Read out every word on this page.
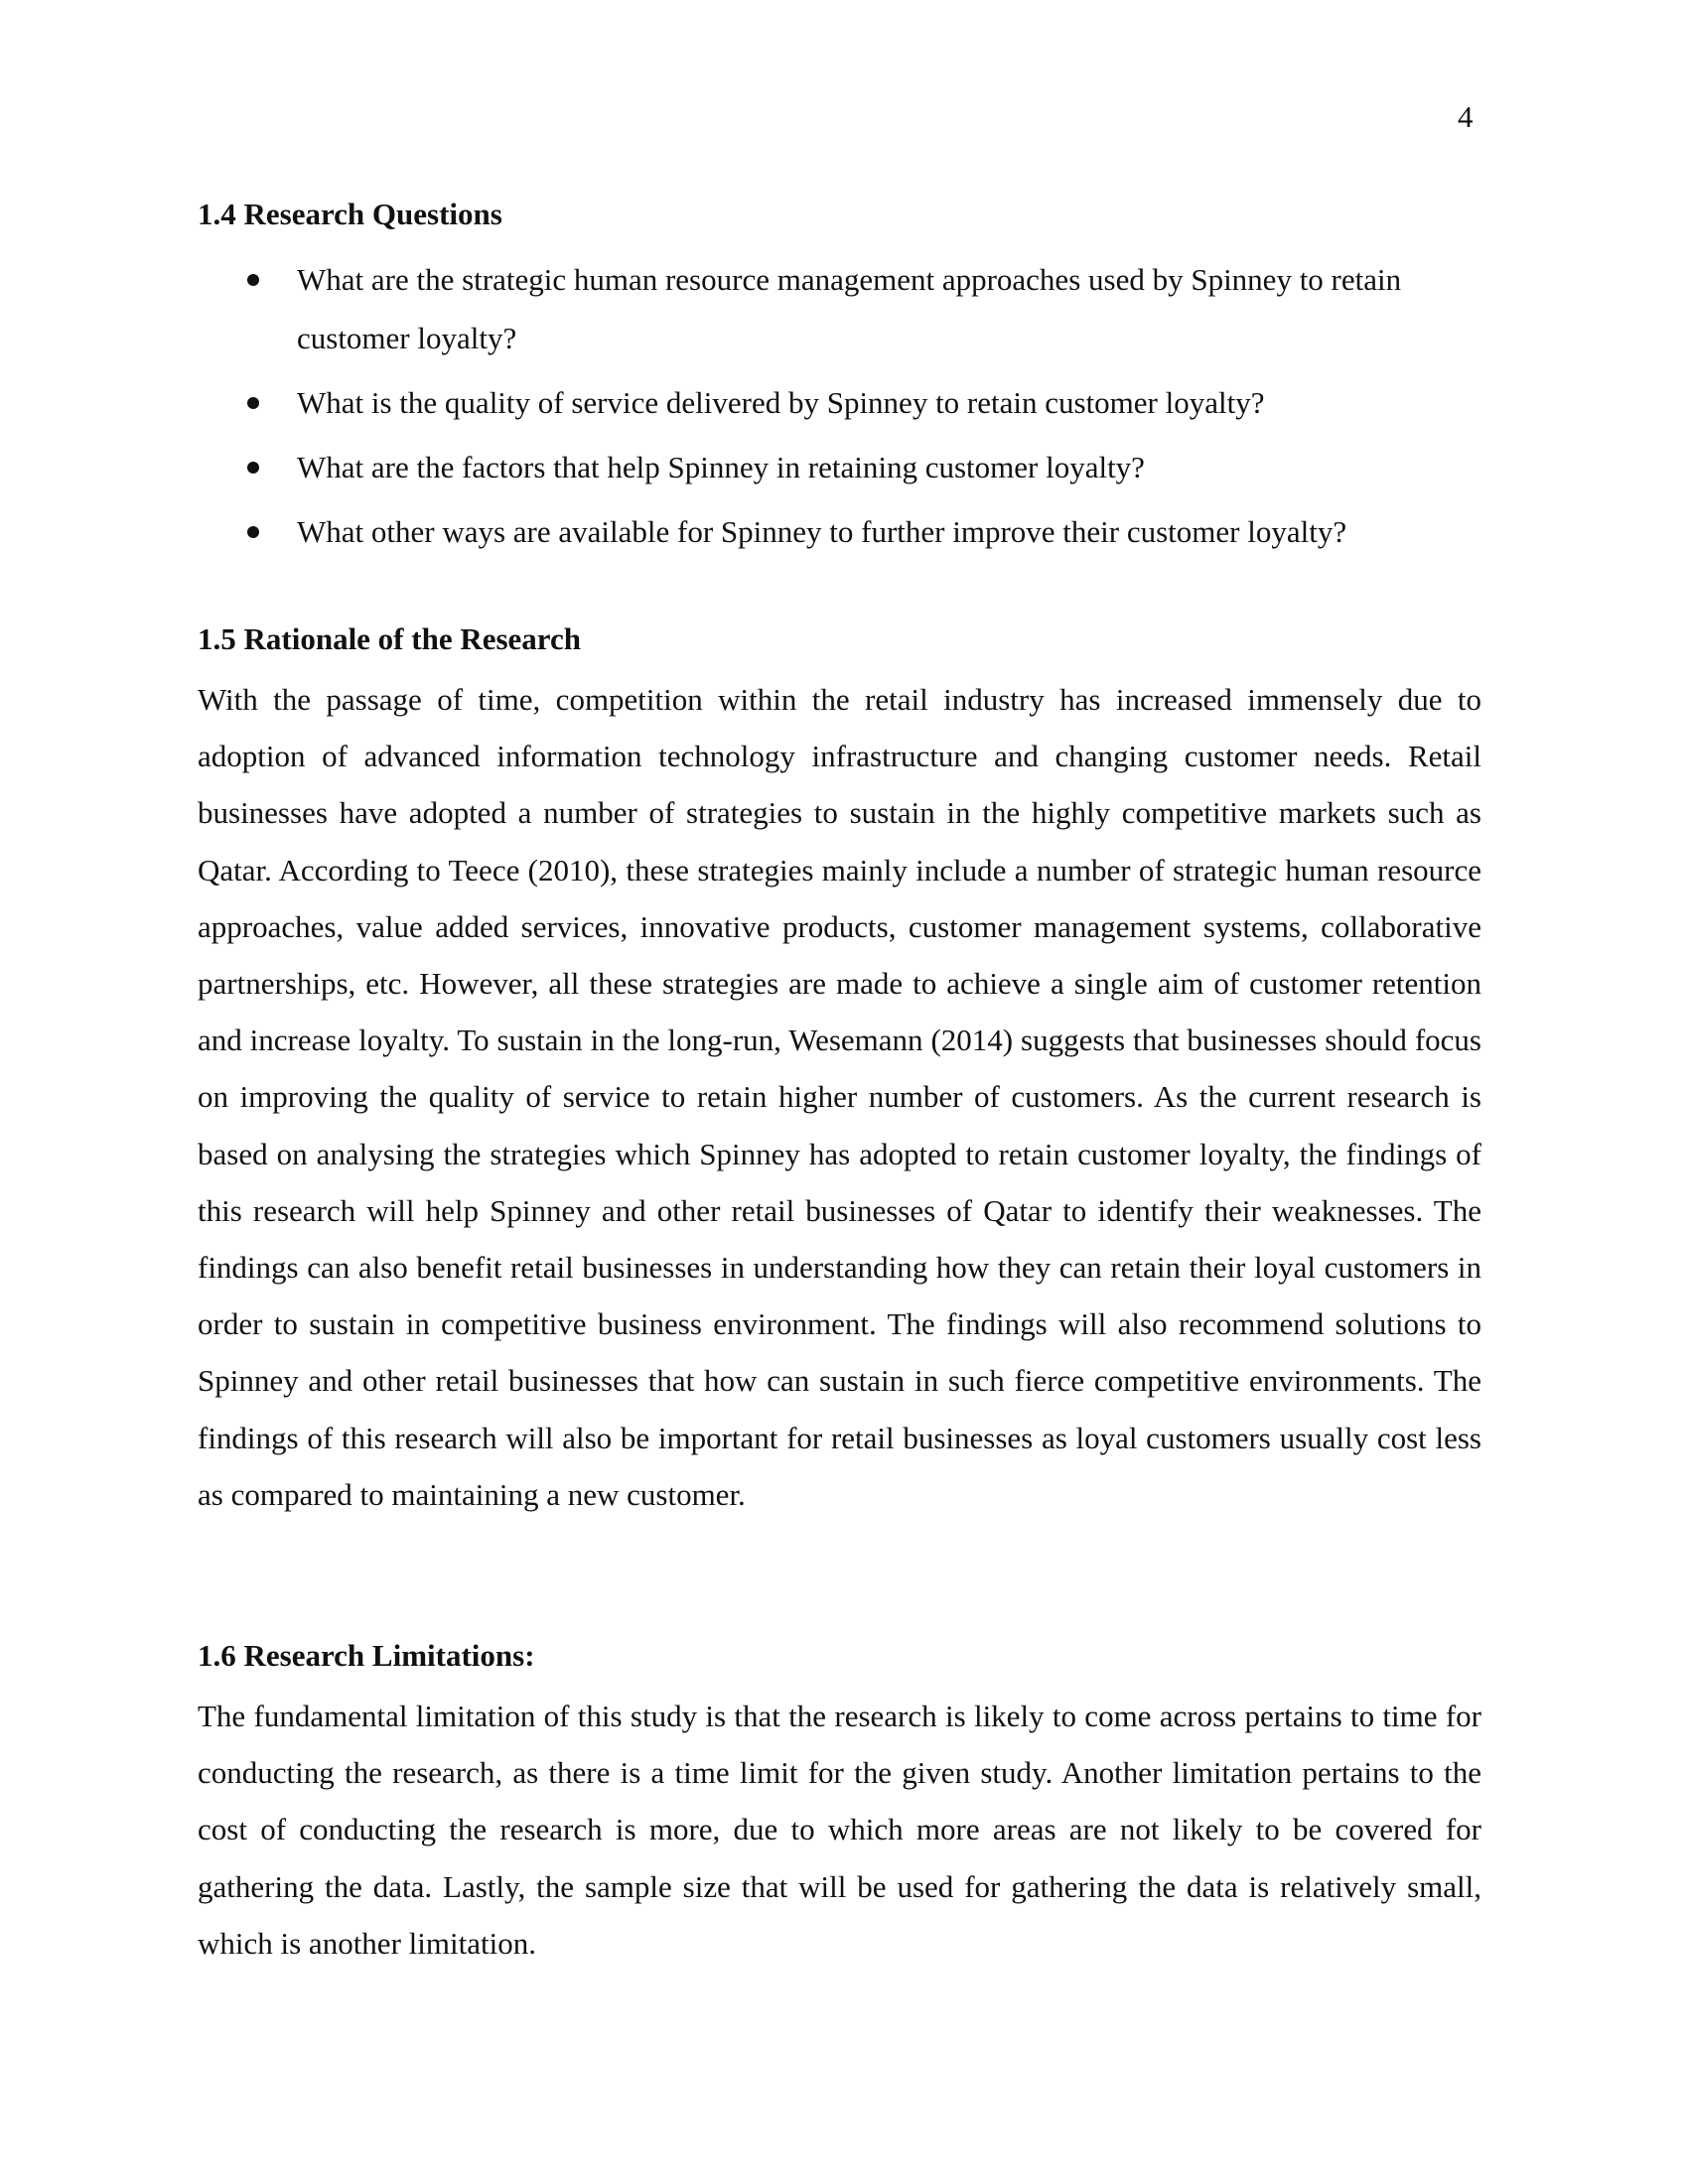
4
1.4 Research Questions
What are the strategic human resource management approaches used by Spinney to retain customer loyalty?
What is the quality of service delivered by Spinney to retain customer loyalty?
What are the factors that help Spinney in retaining customer loyalty?
What other ways are available for Spinney to further improve their customer loyalty?
1.5 Rationale of the Research

With the passage of time, competition within the retail industry has increased immensely due to adoption of advanced information technology infrastructure and changing customer needs. Retail businesses have adopted a number of strategies to sustain in the highly competitive markets such as Qatar. According to Teece (2010), these strategies mainly include a number of strategic human resource approaches, value added services, innovative products, customer management systems, collaborative partnerships, etc. However, all these strategies are made to achieve a single aim of customer retention and increase loyalty. To sustain in the long-run, Wesemann (2014) suggests that businesses should focus on improving the quality of service to retain higher number of customers. As the current research is based on analysing the strategies which Spinney has adopted to retain customer loyalty, the findings of this research will help Spinney and other retail businesses of Qatar to identify their weaknesses. The findings can also benefit retail businesses in understanding how they can retain their loyal customers in order to sustain in competitive business environment. The findings will also recommend solutions to Spinney and other retail businesses that how can sustain in such fierce competitive environments. The findings of this research will also be important for retail businesses as loyal customers usually cost less as compared to maintaining a new customer.

1.6 Research Limitations:

The fundamental limitation of this study is that the research is likely to come across pertains to time for conducting the research, as there is a time limit for the given study. Another limitation pertains to the cost of conducting the research is more, due to which more areas are not likely to be covered for gathering the data. Lastly, the sample size that will be used for gathering the data is relatively small, which is another limitation.
